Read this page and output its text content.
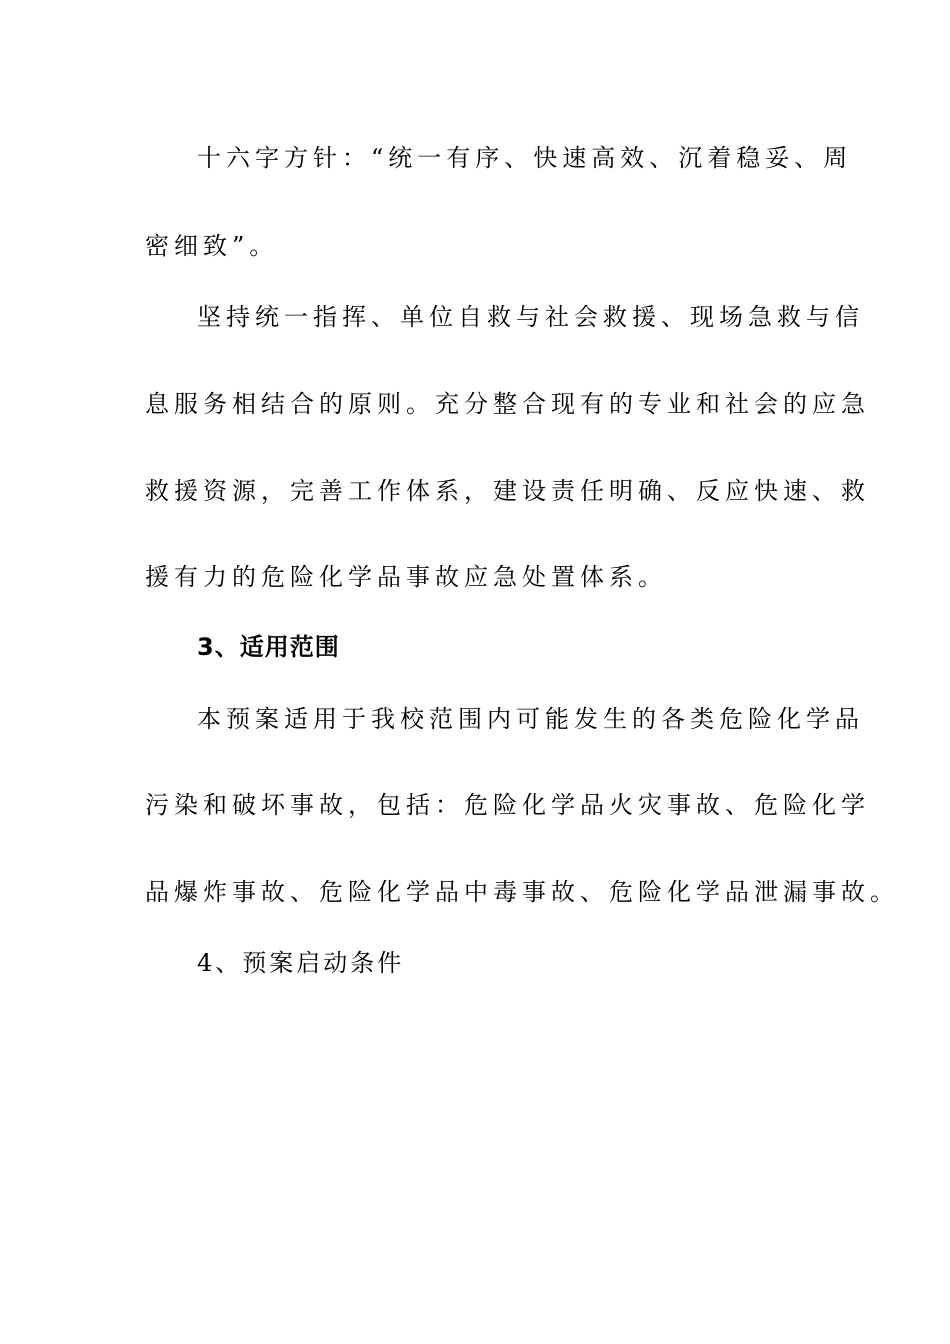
十六字方针：“统一有序、快速高效、沉着稳妥、周
密细致”。
坚持统一指挥、单位自救与社会救援、现场急救与信
息服务相结合的原则。充分整合现有的专业和社会的应急
救援资源，完善工作体系，建设责任明确、反应快速、救
援有力的危险化学品事故应急处置体系。
3、适用范围
本预案适用于我校范围内可能发生的各类危险化学品
污染和破坏事故，包括：危险化学品火灾事故、危险化学
品爆炸事故、危险化学品中毒事故、危险化学品泄漏事故。
4、预案启动条件
